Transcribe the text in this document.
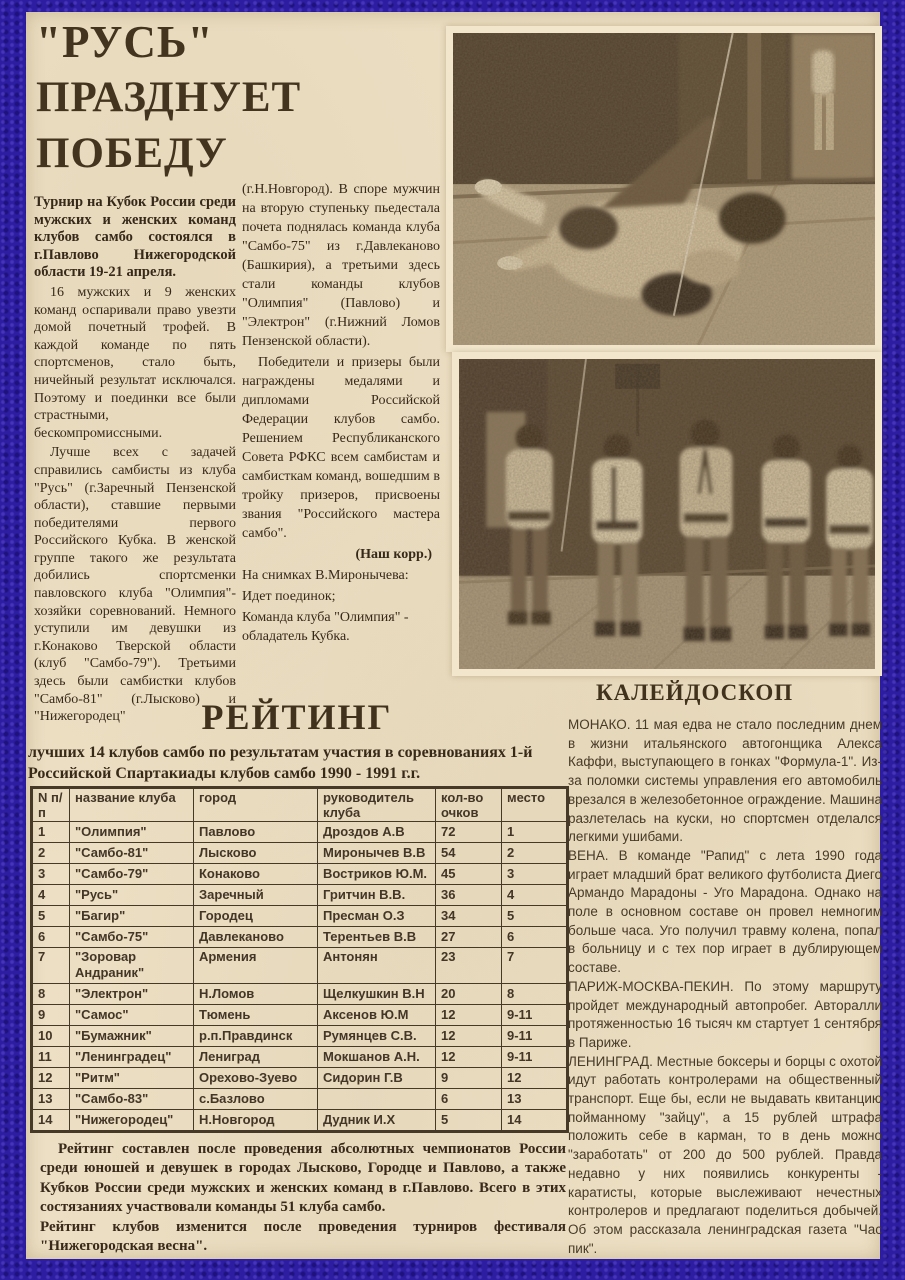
"РУСЬ"
ПРАЗДНУЕТ
ПОБЕДУ

Турнир на Кубок России среди мужских и женских команд клубов самбо состоялся в г.Павлово Нижегородской области 19-21 апреля.

16 мужских и 9 женских команд оспаривали право увезти домой почетный трофей. В каждой команде по пять спортсменов, стало быть, ничейный результат исключался. Поэтому и поединки все были страстными, бескомпромиссными.

Лучше всех с задачей справились самбисты из клуба "Русь" (г.Заречный Пензенской области), ставшие первыми победителями первого Российского Кубка. В женской группе такого же результата добились спортсменки павловского клуба "Олимпия"- хозяйки соревнований. Немного уступили им девушки из г.Конаково Тверской области (клуб "Самбо-79"). Третьими здесь были самбистки клубов "Самбо-81" (г.Лысково) и "Нижегородец"

(г.Н.Новгород). В споре мужчин на вторую ступеньку пьедестала почета поднялась команда клуба "Самбо-75" из г.Давлеканово (Башкирия), а третьими здесь стали команды клубов "Олимпия" (Павлово) и "Электрон" (г.Нижний Ломов Пензенской области).

Победители и призеры были награждены медалями и дипломами Российской Федерации клубов самбо. Решением Республиканского Совета РФКС всем самбистам и самбисткам команд, вошедшим в тройку призеров, присвоены звания "Российского мастера самбо".

(Наш корр.)

На снимках В.Миронычева:

Идет поединок;

Команда клуба "Олимпия" - обладатель Кубка.

РЕЙТИНГ
лучших 14 клубов самбо по результатам участия в соревнованиях 1-й Российской Спартакиады клубов самбо 1990 - 1991 г.г.
N п/п	название клуба	город	руководитель клуба	кол-во очков	место
1	"Олимпия"	Павлово	Дроздов А.В	72	1
2	"Самбо-81"	Лысково	Миронычев В.В	54	2
3	"Самбо-79"	Конаково	Востриков Ю.М.	45	3
4	"Русь"	Заречный	Гритчин В.В.	36	4
5	"Багир"	Городец	Пресман О.З	34	5
6	"Самбо-75"	Давлеканово	Терентьев В.В	27	6
7	"Зоровар Андраник"	Армения	Антонян	23	7
8	"Электрон"	Н.Ломов	Щелкушкин В.Н	20	8
9	"Самос"	Тюмень	Аксенов Ю.М	12	9-11
10	"Бумажник"	р.п.Правдинск	Румянцев С.В.	12	9-11
11	"Ленинградец"	Лениград	Мокшанов А.Н.	12	9-11
12	"Ритм"	Орехово-Зуево	Сидорин Г.В	9	12
13	"Самбо-83"	с.Базлово		6	13
14	"Нижегородец"	Н.Новгород	Дудник И.Х	5	14

Рейтинг составлен после проведения абсолютных чемпионатов России среди юношей и девушек в городах Лысково, Городце и Павлово, а также Кубков России среди мужских и женских команд в г.Павлово. Всего в этих состязаниях участвовали команды 51 клуба самбо.

Рейтинг клубов изменится после проведения турниров фестиваля "Нижегородская весна".

КАЛЕЙДОСКОП

МОНАКО. 11 мая едва не стало последним днем в жизни итальянского автогонщика Алекса Каффи, выступающего в гонках "Формула-1". Из-за поломки системы управления его автомобиль врезался в железобетонное ограждение. Машина разлетелась на куски, но спортсмен отделался легкими ушибами.

ВЕНА. В команде "Рапид" с лета 1990 года играет младший брат великого футболиста Диего Армандо Марадоны - Уго Марадона. Однако на поле в основном составе он провел немногим больше часа. Уго получил травму колена, попал в больницу и с тех пор играет в дублирующем составе.

ПАРИЖ-МОСКВА-ПЕКИН. По этому маршруту пройдет международный автопробег. Авторалли протяженностью 16 тысяч км стартует 1 сентября в Париже.

ЛЕНИНГРАД. Местные боксеры и борцы с охотой идут работать контролерами на общественный транспорт. Еще бы, если не выдавать квитанцию пойманному "зайцу", а 15 рублей штрафа положить себе в карман, то в день можно "заработать" от 200 до 500 рублей. Правда недавно у них появились конкуренты - каратисты, которые выслеживают нечестных контролеров и предлагают поделиться добычей. Об этом рассказала ленинградская газета "Час пик".
